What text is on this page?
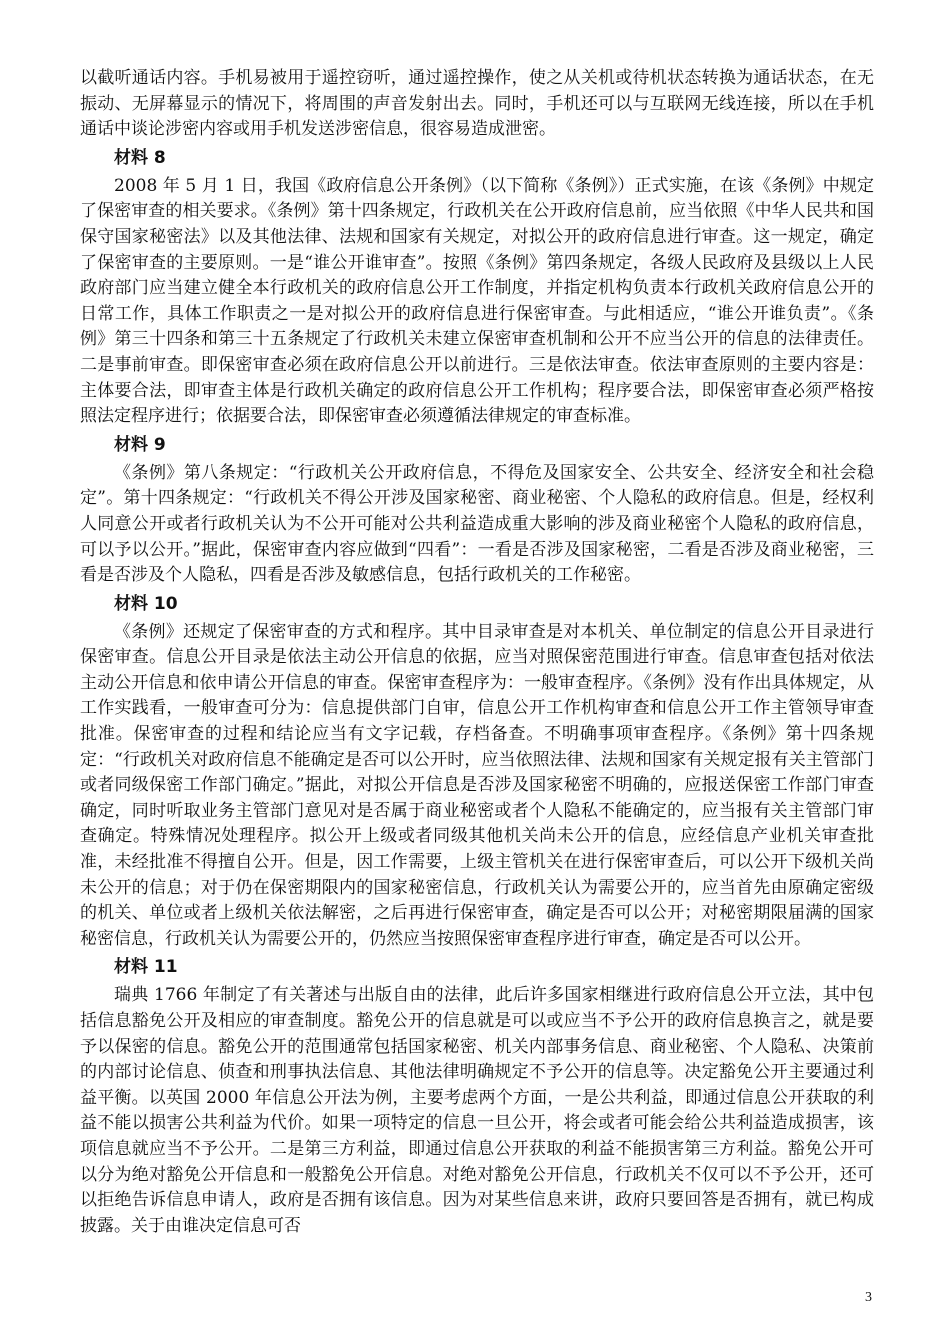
以截听通话内容。手机易被用于遥控窃听，通过遥控操作，使之从关机或待机状态转换为通话状态，在无振动、无屏幕显示的情况下，将周围的声音发射出去。同时，手机还可以与互联网无线连接，所以在手机通话中谈论涉密内容或用手机发送涉密信息，很容易造成泄密。

材料 8

2008 年 5 月 1 日，我国《政府信息公开条例》（以下简称《条例》）正式实施，在该《条例》中规定了保密审查的相关要求。《条例》第十四条规定，行政机关在公开政府信息前，应当依照《中华人民共和国保守国家秘密法》以及其他法律、法规和国家有关规定，对拟公开的政府信息进行审查。这一规定，确定了保密审查的主要原则。一是“谁公开谁审查”。按照《条例》第四条规定，各级人民政府及县级以上人民政府部门应当建立健全本行政机关的政府信息公开工作制度，并指定机构负责本行政机关政府信息公开的日常工作，具体工作职责之一是对拟公开的政府信息进行保密审查。与此相适应，“谁公开谁负责”。《条例》第三十四条和第三十五条规定了行政机关未建立保密审查机制和公开不应当公开的信息的法律责任。二是事前审查。即保密审查必须在政府信息公开以前进行。三是依法审查。依法审查原则的主要内容是：主体要合法，即审查主体是行政机关确定的政府信息公开工作机构；程序要合法，即保密审查必须严格按照法定程序进行；依据要合法，即保密审查必须遵循法律规定的审查标准。

材料 9

《条例》第八条规定：“行政机关公开政府信息，不得危及国家安全、公共安全、经济安全和社会稳定”。第十四条规定：“行政机关不得公开涉及国家秘密、商业秘密、个人隐私的政府信息。但是，经权利人同意公开或者行政机关认为不公开可能对公共利益造成重大影响的涉及商业秘密个人隐私的政府信息，可以予以公开。”据此，保密审查内容应做到“四看”：一看是否涉及国家秘密，二看是否涉及商业秘密，三看是否涉及个人隐私，四看是否涉及敏感信息，包括行政机关的工作秘密。

材料 10

《条例》还规定了保密审查的方式和程序。其中目录审查是对本机关、单位制定的信息公开目录进行保密审查。信息公开目录是依法主动公开信息的依据，应当对照保密范围进行审查。信息审查包括对依法主动公开信息和依申请公开信息的审查。保密审查程序为：一般审查程序。《条例》没有作出具体规定，从工作实践看，一般审查可分为：信息提供部门自审，信息公开工作机构审查和信息公开工作主管领导审查批准。保密审查的过程和结论应当有文字记载，存档备查。不明确事项审查程序。《条例》第十四条规定：“行政机关对政府信息不能确定是否可以公开时，应当依照法律、法规和国家有关规定报有关主管部门或者同级保密工作部门确定。”据此，对拟公开信息是否涉及国家秘密不明确的，应报送保密工作部门审查确定，同时听取业务主管部门意见对是否属于商业秘密或者个人隐私不能确定的，应当报有关主管部门审查确定。特殊情况处理程序。拟公开上级或者同级其他机关尚未公开的信息，应经信息产业机关审查批准，未经批准不得擅自公开。但是，因工作需要，上级主管机关在进行保密审查后，可以公开下级机关尚未公开的信息；对于仍在保密期限内的国家秘密信息，行政机关认为需要公开的，应当首先由原确定密级的机关、单位或者上级机关依法解密，之后再进行保密审查，确定是否可以公开；对秘密期限届满的国家秘密信息，行政机关认为需要公开的，仍然应当按照保密审查程序进行审查，确定是否可以公开。

材料 11

瑞典 1766 年制定了有关著述与出版自由的法律，此后许多国家相继进行政府信息公开立法，其中包括信息豁免公开及相应的审查制度。豁免公开的信息就是可以或应当不予公开的政府信息换言之，就是要予以保密的信息。豁免公开的范围通常包括国家秘密、机关内部事务信息、商业秘密、个人隐私、决策前的内部讨论信息、侦查和刑事执法信息、其他法律明确规定不予公开的信息等。决定豁免公开主要通过利益平衡。以英国 2000 年信息公开法为例，主要考虑两个方面，一是公共利益，即通过信息公开获取的利益不能以损害公共利益为代价。如果一项特定的信息一旦公开，将会或者可能会给公共利益造成损害，该项信息就应当不予公开。二是第三方利益，即通过信息公开获取的利益不能损害第三方利益。豁免公开可以分为绝对豁免公开信息和一般豁免公开信息。对绝对豁免公开信息，行政机关不仅可以不予公开，还可以拒绝告诉信息申请人，政府是否拥有该信息。因为对某些信息来讲，政府只要回答是否拥有，就已构成披露。关于由谁决定信息可否

3
